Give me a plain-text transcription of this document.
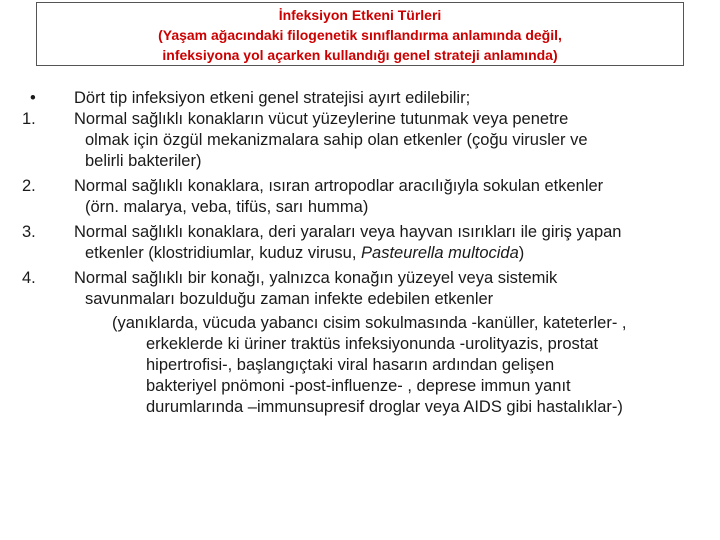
İnfeksiyon Etkeni Türleri
(Yaşam ağacındaki filogenetik sınıflandırma anlamında değil,
infeksiyona yol açarken kullandığı genel strateji anlamında)
• Dört tip infeksiyon etkeni genel stratejisi ayırt edilebilir;
1. Normal sağlıklı konakların vücut yüzeylerine tutunmak veya penetre
olmak için özgül mekanizmalara sahip olan etkenler (çoğu virusler ve
belirli bakteriler)
2. Normal sağlıklı konaklara, ısıran artropodlar aracılığıyla sokulan etkenler
(örn. malarya, veba, tifüs, sarı humma)
3. Normal sağlıklı konaklara, deri yaraları veya hayvan ısırıkları ile giriş yapan
etkenler (klostridiumlar, kuduz virusu, Pasteurella multocida)
4. Normal sağlıklı bir konağı, yalnızca konağın yüzeyel veya sistemik
savunmaları bozulduğu zaman infekte edebilen etkenler
(yanıklarda, vücuda yabancı cisim sokulmasında -kanüller, kateterler- ,
erkeklerde ki üriner traktüs infeksiyonunda -urolityazis, prostat
hipertrofisi-, başlangıçtaki viral hasarın ardından gelişen
bakteriyel pnömoni -post-influenze- , deprese immun yanıt
durumlarında –immunsupresif droglar veya AIDS gibi hastalıklar-)
